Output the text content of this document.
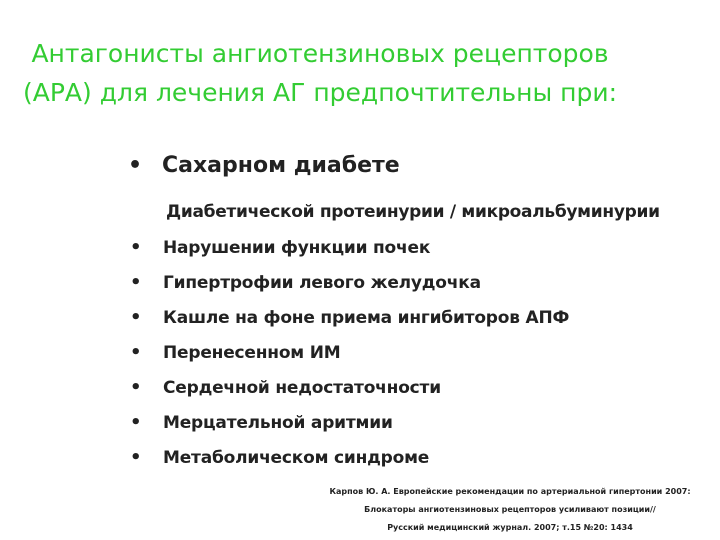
Антагонисты ангиотензиновых рецепторов
(АРА) для лечения АГ предпочтительны при:
• Сахарном диабете
Диабетической протеинурии / микроальбуминурии
• Нарушении функции почек
• Гипертрофии левого желудочка
• Кашле на фоне приема ингибиторов АПФ
• Перенесенном ИМ
• Сердечной недостаточности
• Мерцательной аритмии
• Метаболическом синдроме
Карпов Ю. А. Европейские рекомендации по артериальной гипертонии 2007:
Блокаторы ангиотензиновых рецепторов усиливают позиции//
Русский медицинский журнал. 2007; т.15 №20: 1434
